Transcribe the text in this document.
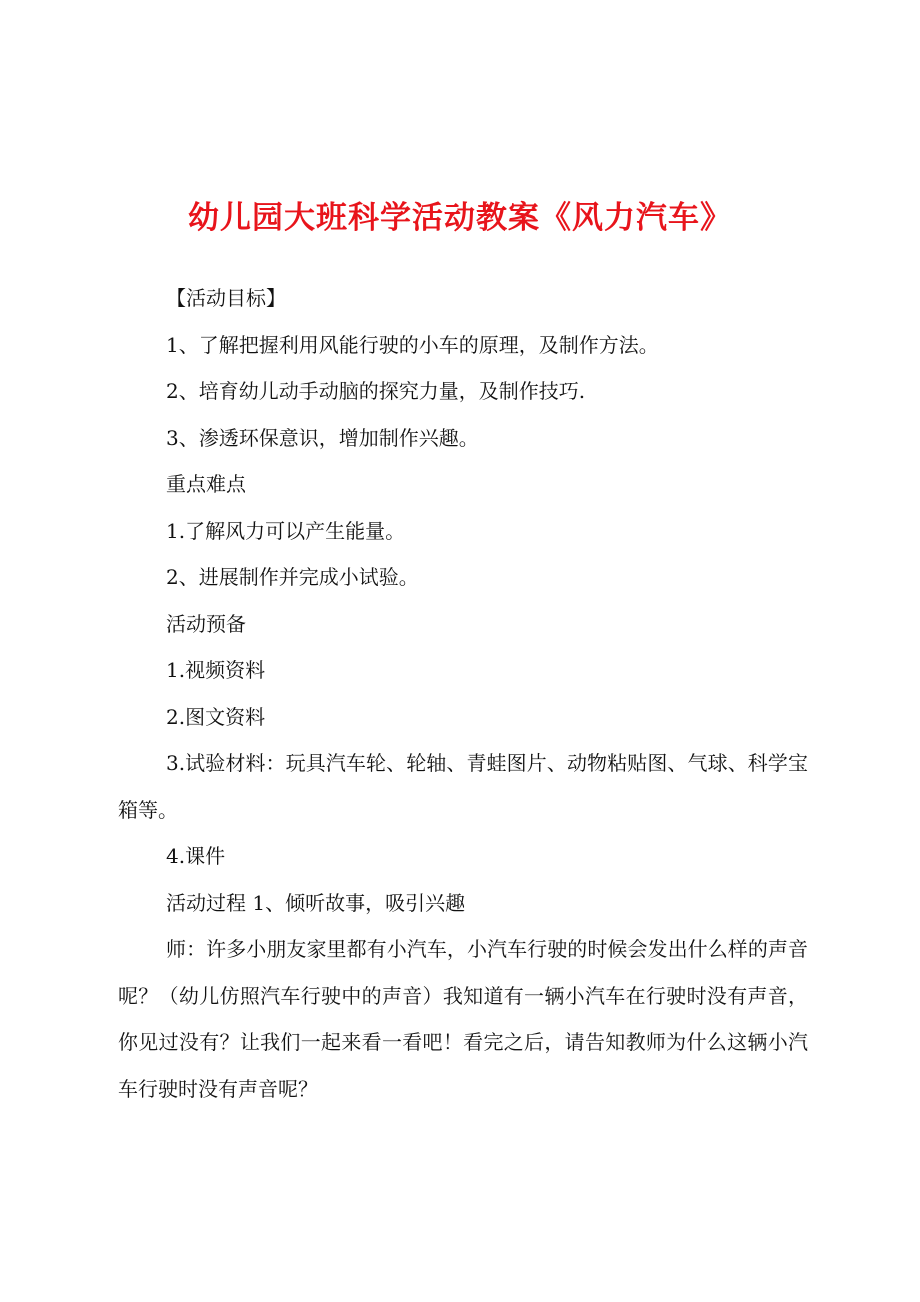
幼儿园大班科学活动教案《风力汽车》

【活动目标】

1、了解把握利用风能行驶的小车的原理，及制作方法。

2、培育幼儿动手动脑的探究力量，及制作技巧.

3、渗透环保意识，增加制作兴趣。

重点难点

1.了解风力可以产生能量。

2、进展制作并完成小试验。

活动预备

1.视频资料

2.图文资料

3.试验材料：玩具汽车轮、轮轴、青蛙图片、动物粘贴图、气球、科学宝箱等。

4.课件

活动过程 1、倾听故事，吸引兴趣

师：许多小朋友家里都有小汽车，小汽车行驶的时候会发出什么样的声音呢？（幼儿仿照汽车行驶中的声音）我知道有一辆小汽车在行驶时没有声音，你见过没有？让我们一起来看一看吧！看完之后，请告知教师为什么这辆小汽车行驶时没有声音呢？
